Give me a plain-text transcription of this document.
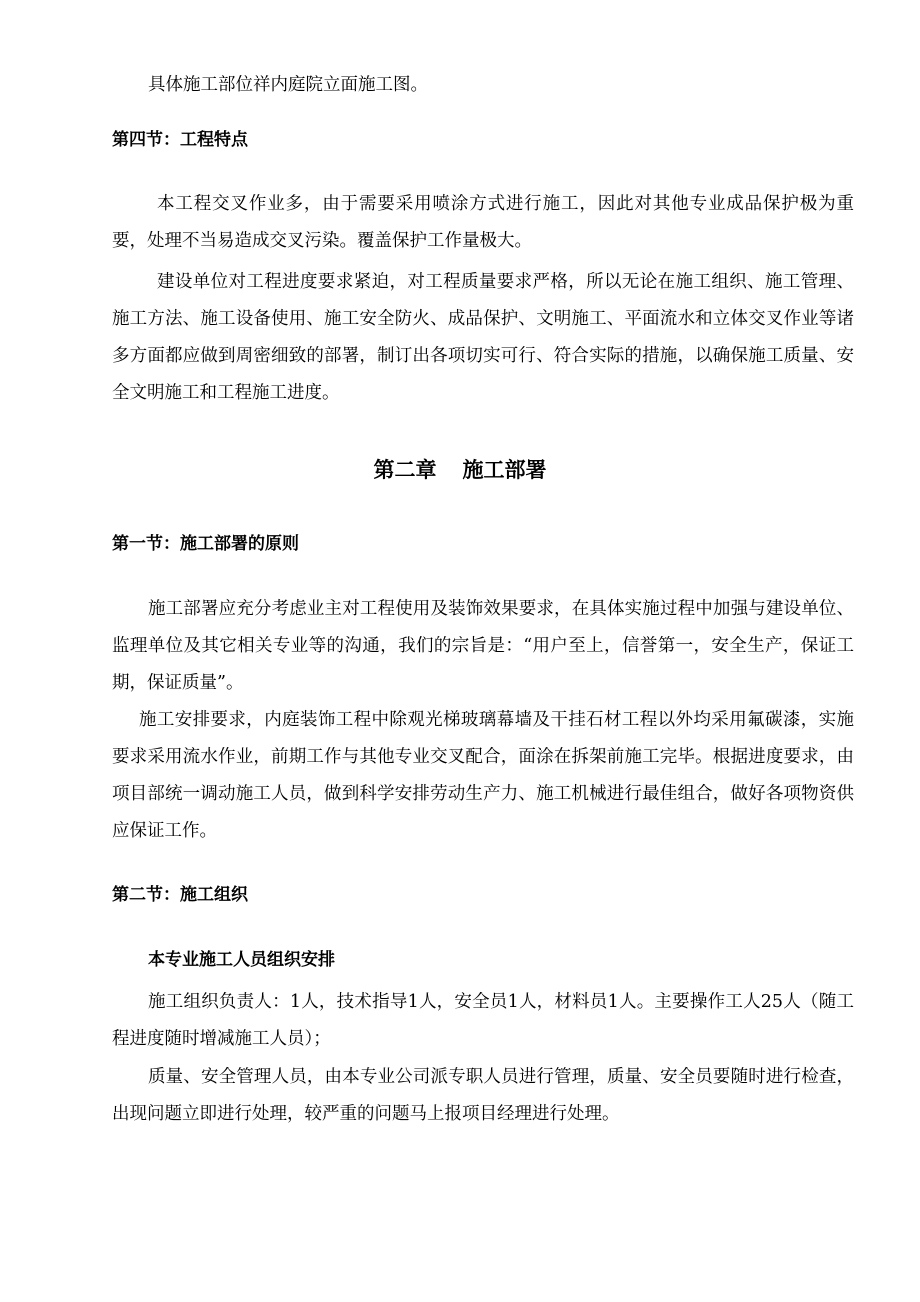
具体施工部位祥内庭院立面施工图。

第四节：工程特点

本工程交叉作业多，由于需要采用喷涂方式进行施工，因此对其他专业成品保护极为重要，处理不当易造成交叉污染。覆盖保护工作量极大。

建设单位对工程进度要求紧迫，对工程质量要求严格，所以无论在施工组织、施工管理、施工方法、施工设备使用、施工安全防火、成品保护、文明施工、平面流水和立体交叉作业等诸多方面都应做到周密细致的部署，制订出各项切实可行、符合实际的措施，以确保施工质量、安全文明施工和工程施工进度。

第二章 施工部署

第一节：施工部署的原则

施工部署应充分考虑业主对工程使用及装饰效果要求，在具体实施过程中加强与建设单位、监理单位及其它相关专业等的沟通，我们的宗旨是：“用户至上，信誉第一，安全生产，保证工期，保证质量”。

施工安排要求，内庭装饰工程中除观光梯玻璃幕墙及干挂石材工程以外均采用氟碳漆，实施要求采用流水作业，前期工作与其他专业交叉配合，面涂在拆架前施工完毕。根据进度要求，由项目部统一调动施工人员，做到科学安排劳动生产力、施工机械进行最佳组合，做好各项物资供应保证工作。

第二节：施工组织

本专业施工人员组织安排

施工组织负责人：1人，技术指导1人，安全员1人，材料员1人。主要操作工人25人（随工程进度随时增减施工人员）；

质量、安全管理人员，由本专业公司派专职人员进行管理，质量、安全员要随时进行检查，出现问题立即进行处理，较严重的问题马上报项目经理进行处理。
